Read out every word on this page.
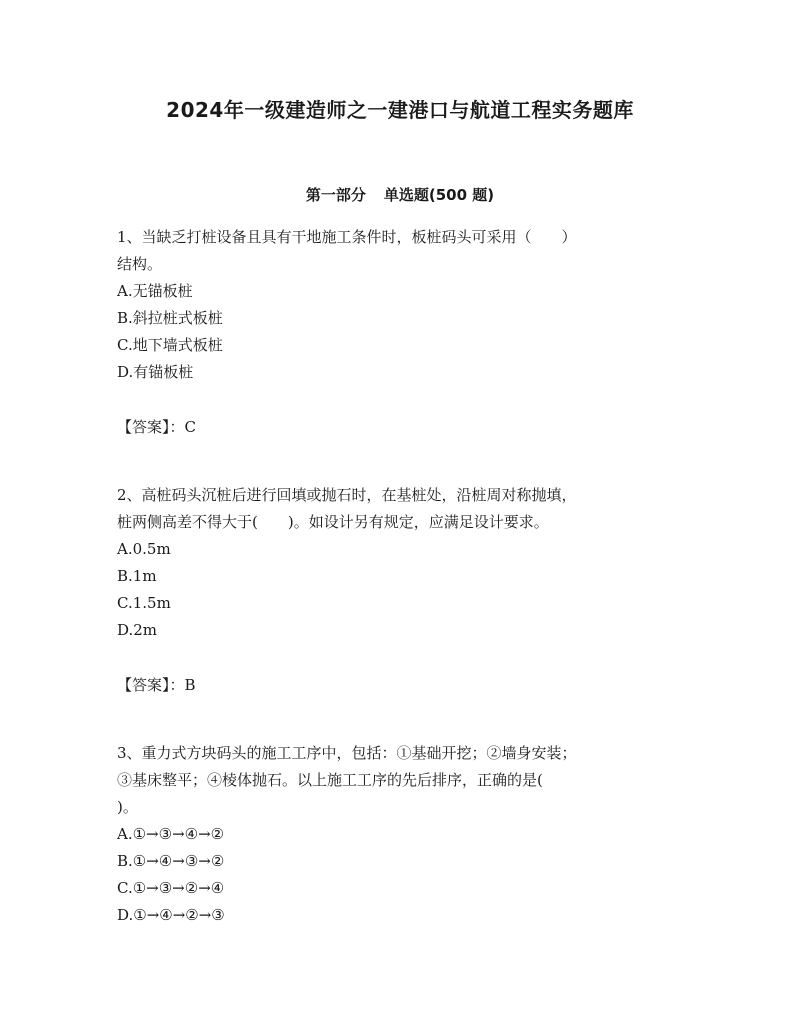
2024年一级建造师之一建港口与航道工程实务题库
第一部分 单选题(500 题)
1、当缺乏打桩设备且具有干地施工条件时，板桩码头可采用（　　）
结构。
A.无锚板桩
B.斜拉桩式板桩
C.地下墙式板桩
D.有锚板桩
【答案】：C
2、高桩码头沉桩后进行回填或抛石时，在基桩处，沿桩周对称抛填，
桩两侧高差不得大于(　　)。如设计另有规定，应满足设计要求。
A.0.5m
B.1m
C.1.5m
D.2m
【答案】：B
3、重力式方块码头的施工工序中，包括：①基础开挖；②墙身安装；
③基床整平；④棱体抛石。以上施工工序的先后排序，正确的是(
)。
A.①→③→④→②
B.①→④→③→②
C.①→③→②→④
D.①→④→②→③
